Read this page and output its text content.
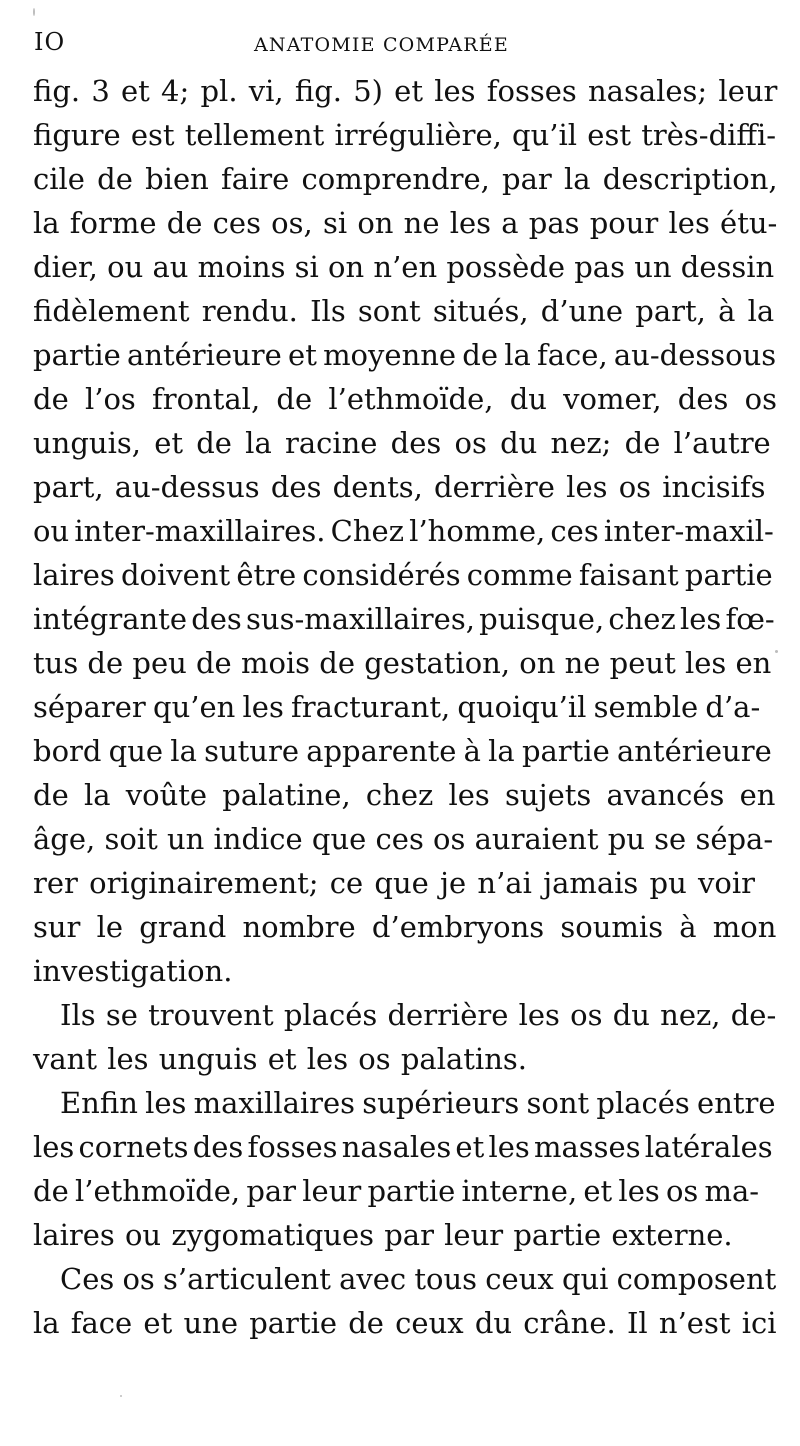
IO	ANATOMIE COMPARÉE
fig. 3 et 4; pl. vi, fig. 5) et les fosses nasales; leur
figure est tellement irrégulière, qu’il est très-diffi-
cile de bien faire comprendre, par la description,
la forme de ces os, si on ne les a pas pour les étu-
dier, ou au moins si on n’en possède pas un dessin
fidèlement rendu. Ils sont situés, d’une part, à la
partie antérieure et moyenne de la face, au-dessous
de l’os frontal, de l’ethmoïde, du vomer, des os
unguis, et de la racine des os du nez; de l’autre
part, au-dessus des dents, derrière les os incisifs
ou inter-maxillaires. Chez l’homme, ces inter-maxil-
laires doivent être considérés comme faisant partie
intégrante des sus-maxillaires, puisque, chez les fœ-
tus de peu de mois de gestation, on ne peut les en
séparer qu’en les fracturant, quoiqu’il semble d’a-
bord que la suture apparente à la partie antérieure
de la voûte palatine, chez les sujets avancés en
âge, soit un indice que ces os auraient pu se sépa-
rer originairement; ce que je n’ai jamais pu voir
sur le grand nombre d’embryons soumis à mon
investigation.
Ils se trouvent placés derrière les os du nez, de-
vant les unguis et les os palatins.
Enfin les maxillaires supérieurs sont placés entre
les cornets des fosses nasales et les masses latérales
de l’ethmoïde, par leur partie interne, et les os ma-
laires ou zygomatiques par leur partie externe.
Ces os s’articulent avec tous ceux qui composent
la face et une partie de ceux du crâne. Il n’est ici
